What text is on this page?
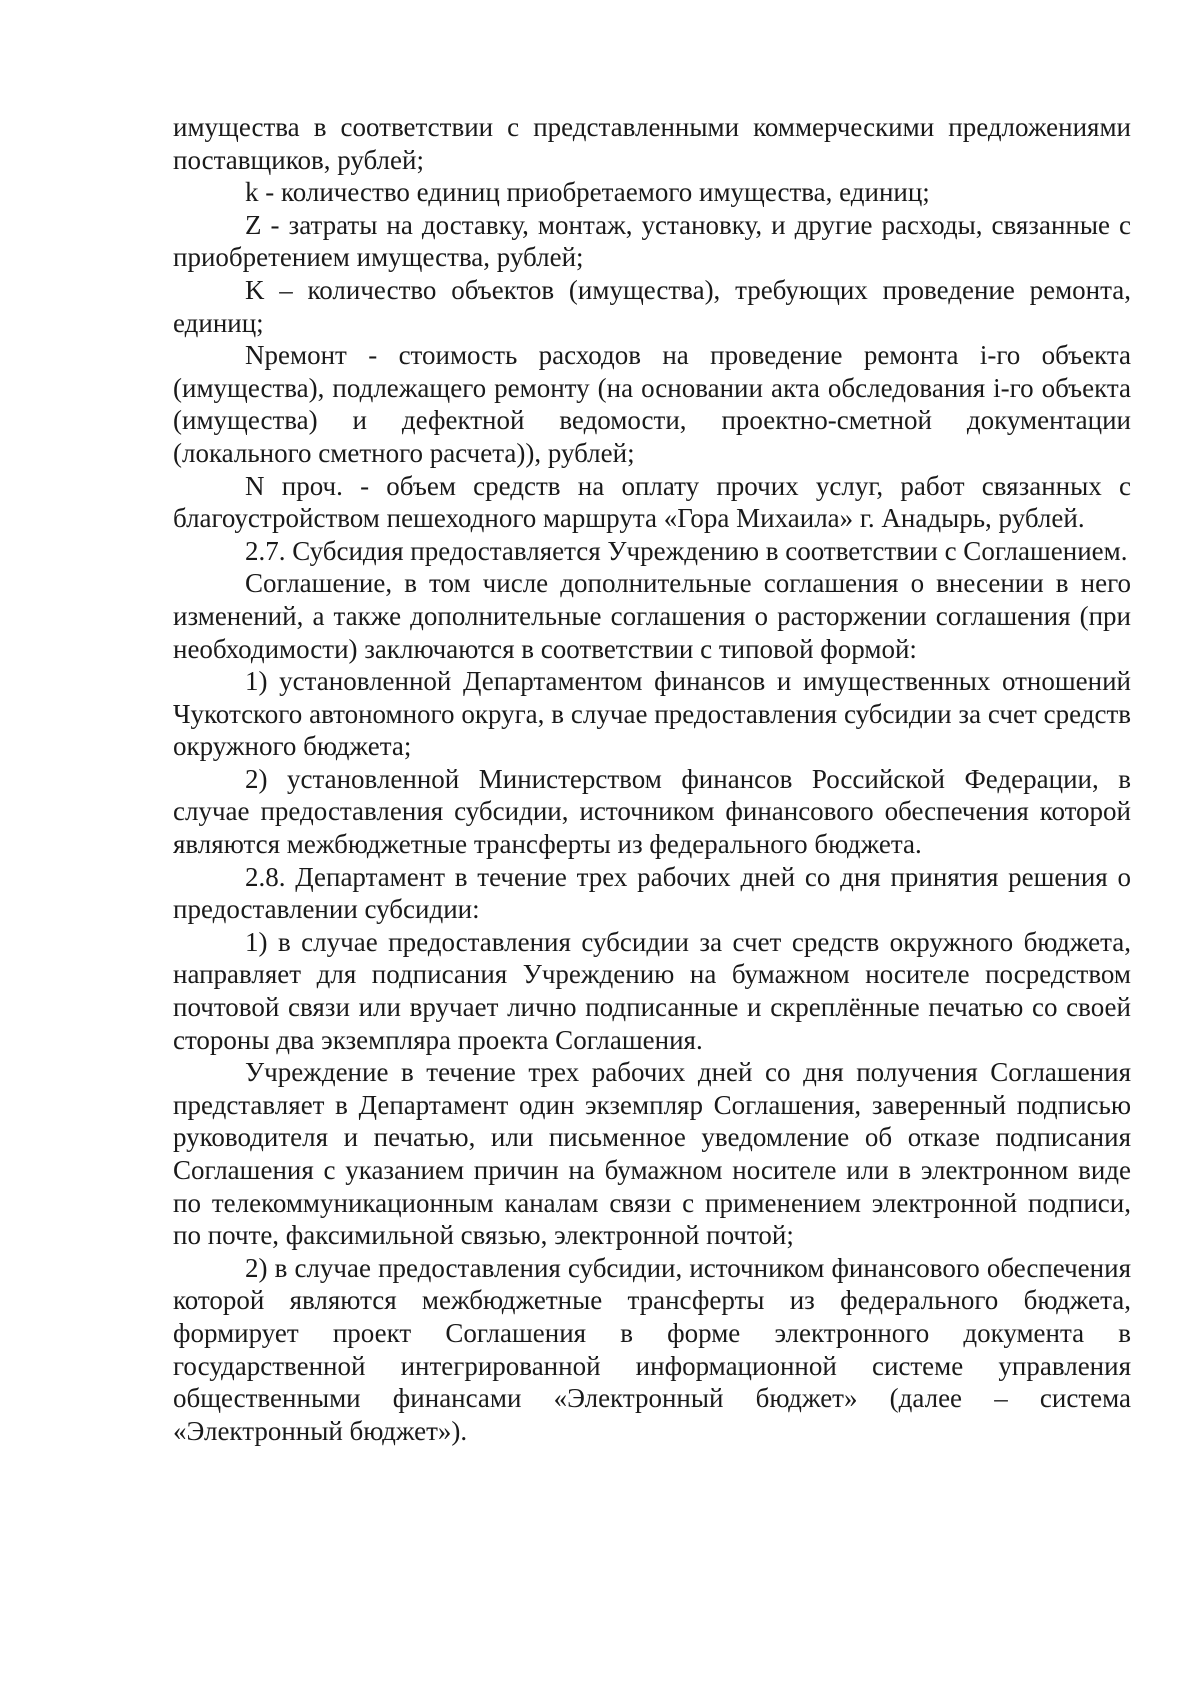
имущества в соответствии с представленными коммерческими предложениями поставщиков, рублей;

k - количество единиц приобретаемого имущества, единиц;

Z - затраты на доставку, монтаж, установку, и другие расходы, связанные с приобретением имущества, рублей;

K – количество объектов (имущества), требующих проведение ремонта, единиц;

Nремонт - стоимость расходов на проведение ремонта i-го объекта (имущества), подлежащего ремонту (на основании акта обследования i-го объекта (имущества) и дефектной ведомости, проектно-сметной документации (локального сметного расчета)), рублей;

N проч. - объем средств на оплату прочих услуг, работ связанных с благоустройством пешеходного маршрута «Гора Михаила» г. Анадырь, рублей.

2.7. Субсидия предоставляется Учреждению в соответствии с Соглашением.

Соглашение, в том числе дополнительные соглашения о внесении в него изменений, а также дополнительные соглашения о расторжении соглашения (при необходимости) заключаются в соответствии с типовой формой:

1) установленной Департаментом финансов и имущественных отношений Чукотского автономного округа, в случае предоставления субсидии за счет средств окружного бюджета;

2) установленной Министерством финансов Российской Федерации, в случае предоставления субсидии, источником финансового обеспечения которой являются межбюджетные трансферты из федерального бюджета.

2.8. Департамент в течение трех рабочих дней со дня принятия решения о предоставлении субсидии:

1) в случае предоставления субсидии за счет средств окружного бюджета, направляет для подписания Учреждению на бумажном носителе посредством почтовой связи или вручает лично подписанные и скреплённые печатью со своей стороны два экземпляра проекта Соглашения.

Учреждение в течение трех рабочих дней со дня получения Соглашения представляет в Департамент один экземпляр Соглашения, заверенный подписью руководителя и печатью, или письменное уведомление об отказе подписания Соглашения с указанием причин на бумажном носителе или в электронном виде по телекоммуникационным каналам связи с применением электронной подписи, по почте, факсимильной связью, электронной почтой;

2) в случае предоставления субсидии, источником финансового обеспечения которой являются межбюджетные трансферты из федерального бюджета, формирует проект Соглашения в форме электронного документа в государственной интегрированной информационной системе управления общественными финансами «Электронный бюджет» (далее – система «Электронный бюджет»).
